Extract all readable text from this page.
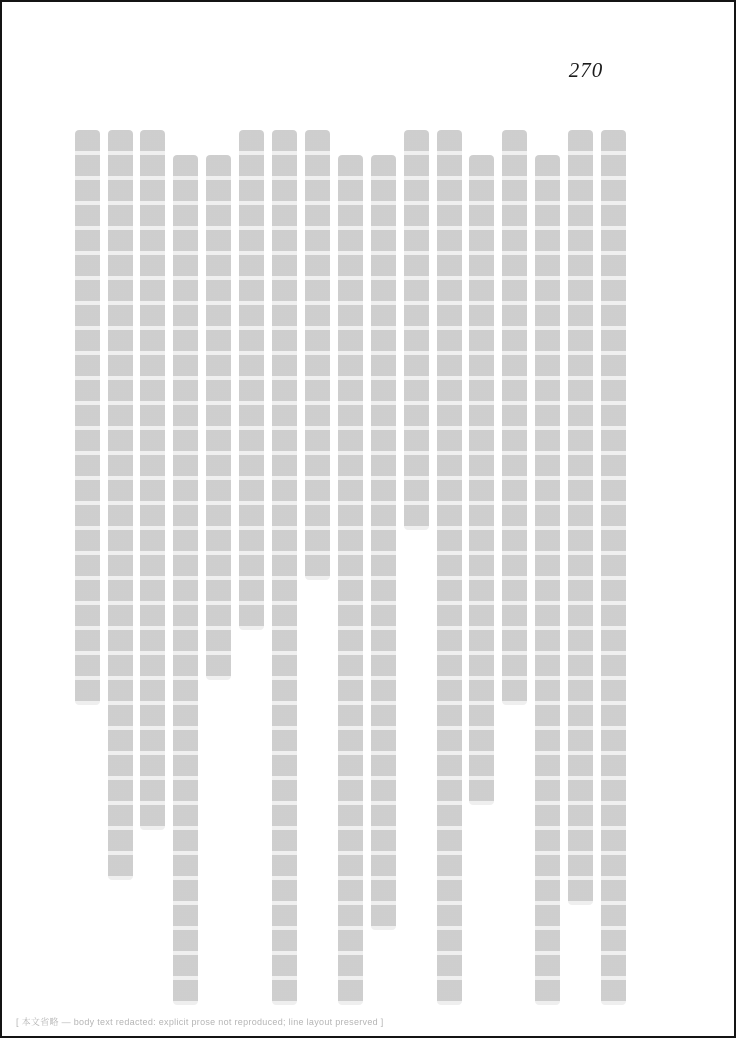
270
[ 本文省略 — body text redacted: explicit prose not reproduced; line layout preserved ]
